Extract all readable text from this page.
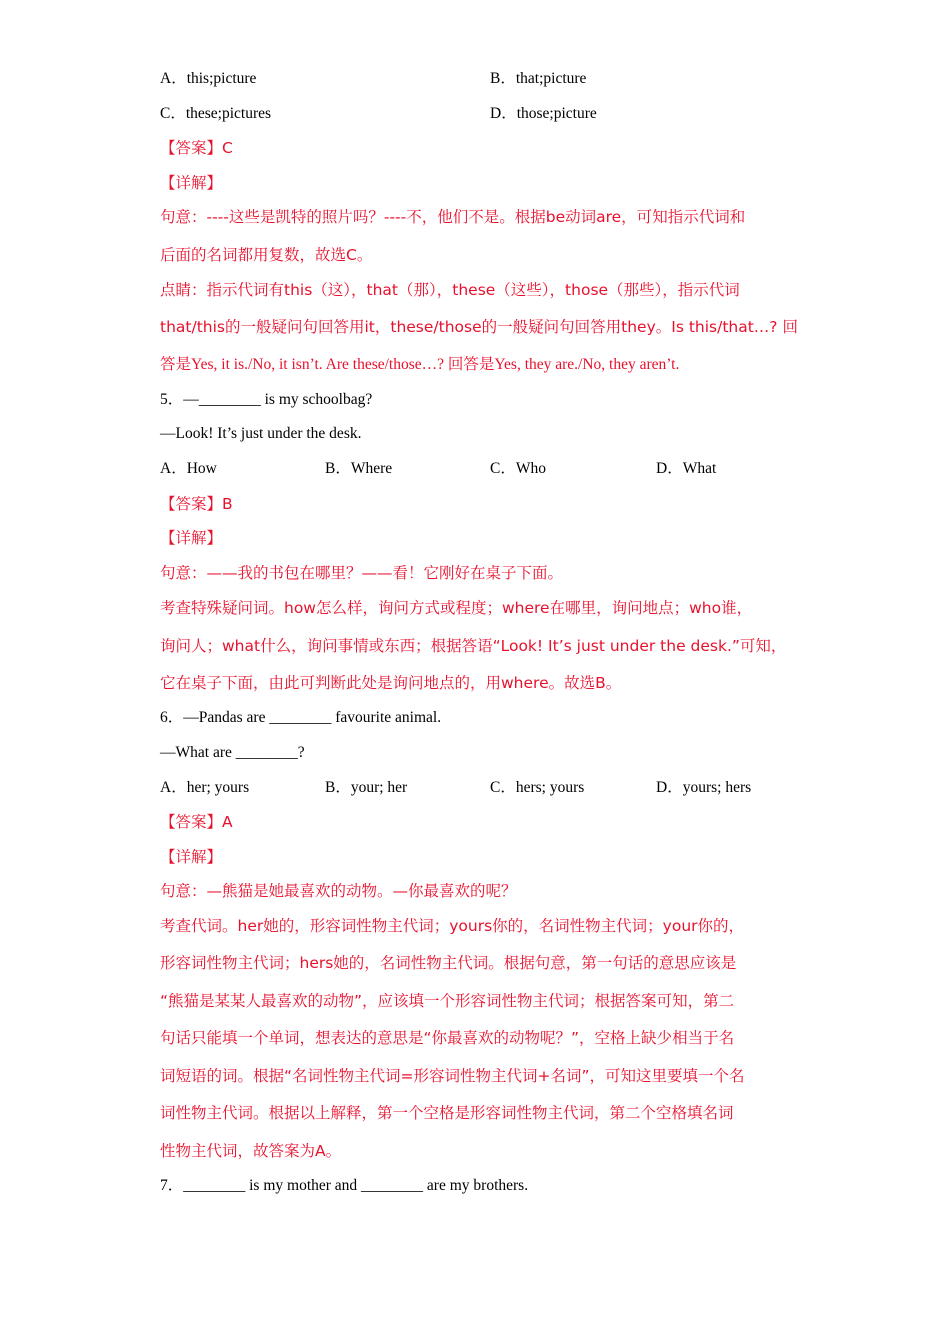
A．this;picture	B．that;picture
C．these;pictures	D．those;picture
【答案】C
【详解】
句意：----这些是凯特的照片吗？----不，他们不是。根据be动词are，可知指示代词和
后面的名词都用复数，故选C。
点睛：指示代词有this（这），that（那），these（这些），those（那些），指示代词
that/this的一般疑问句回答用it，these/those的一般疑问句回答用they。Is this/that…? 回
答是Yes, it is./No, it isn’t. Are these/those…? 回答是Yes, they are./No, they aren’t.
5．—________ is my schoolbag?
—Look! It’s just under the desk.
A．How	B．Where	C．Who	D．What
【答案】B
【详解】
句意：——我的书包在哪里？——看！它刚好在桌子下面。
考查特殊疑问词。how怎么样，询问方式或程度；where在哪里，询问地点；who谁，
询问人；what什么，询问事情或东西；根据答语“Look! It’s just under the desk.”可知，
它在桌子下面，由此可判断此处是询问地点的，用where。故选B。
6．—Pandas are ________ favourite animal.
—What are ________?
A．her; yours	B．your; her	C．hers; yours	D．yours; hers
【答案】A
【详解】
句意：—熊猫是她最喜欢的动物。—你最喜欢的呢？
考查代词。her她的，形容词性物主代词；yours你的，名词性物主代词；your你的，
形容词性物主代词；hers她的，名词性物主代词。根据句意，第一句话的意思应该是
“熊猫是某某人最喜欢的动物”，应该填一个形容词性物主代词；根据答案可知，第二
句话只能填一个单词，想表达的意思是“你最喜欢的动物呢？”，空格上缺少相当于名
词短语的词。根据“名词性物主代词=形容词性物主代词+名词”，可知这里要填一个名
词性物主代词。根据以上解释，第一个空格是形容词性物主代词，第二个空格填名词
性物主代词，故答案为A。
7．________ is my mother and ________ are my brothers.
